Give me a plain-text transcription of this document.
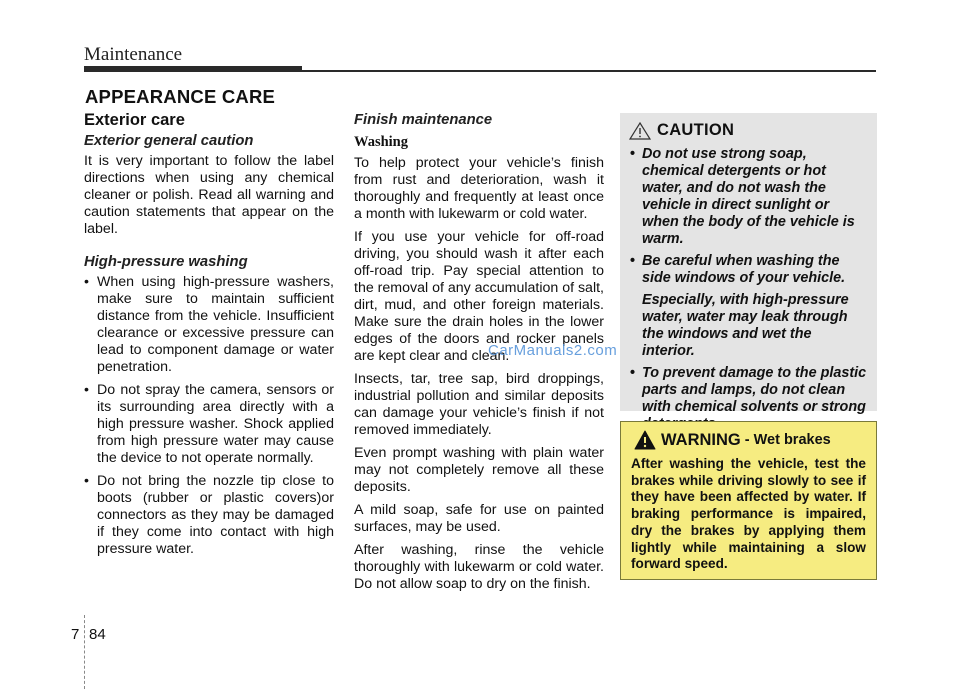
Maintenance
APPEARANCE CARE
Exterior care
Exterior general caution
It is very important to follow the label directions when using any chemical cleaner or polish. Read all warning and caution statements that appear on the label.
High-pressure washing
• When using high-pressure washers, make sure to maintain sufficient distance from the vehicle. Insufficient clearance or excessive pressure can lead to component damage or water penetration.
• Do not spray the camera, sensors or its surrounding area directly with a high pressure washer. Shock applied from high pressure water may cause the device to not operate normally.
• Do not bring the nozzle tip close to boots (rubber or plastic covers)or connectors as they may be damaged if they come into contact with high pressure water.
Finish maintenance
Washing
To help protect your vehicle’s finish from rust and deterioration, wash it thoroughly and frequently at least once a month with lukewarm or cold water.
If you use your vehicle for off-road driving, you should wash it after each off-road trip. Pay special attention to the removal of any accumulation of salt, dirt, mud, and other foreign materials. Make sure the drain holes in the lower edges of the doors and rocker panels are kept clear and clean.
Insects, tar, tree sap, bird droppings, industrial pollution and similar deposits can damage your vehicle’s finish if not removed immediately.
Even prompt washing with plain water may not completely remove all these deposits.
A mild soap, safe for use on painted surfaces, may be used.
After washing, rinse the vehicle thoroughly with lukewarm or cold water. Do not allow soap to dry on the finish.
CAUTION
• Do not use strong soap, chemical detergents or hot water, and do not wash the vehicle in direct sunlight or when the body of the vehicle is warm.
• Be careful when washing the side windows of your vehicle.
Especially, with high-pressure water, water may leak through the windows and wet the interior.
• To prevent damage to the plastic parts and lamps, do not clean with chemical solvents or strong
WARNING - Wet brakes
After washing the vehicle, test the brakes while driving slowly to see if they have been affected by water. If braking performance is impaired, dry the brakes by applying them lightly while maintaining a slow forward speed.
CarManuals2.com
7 84
